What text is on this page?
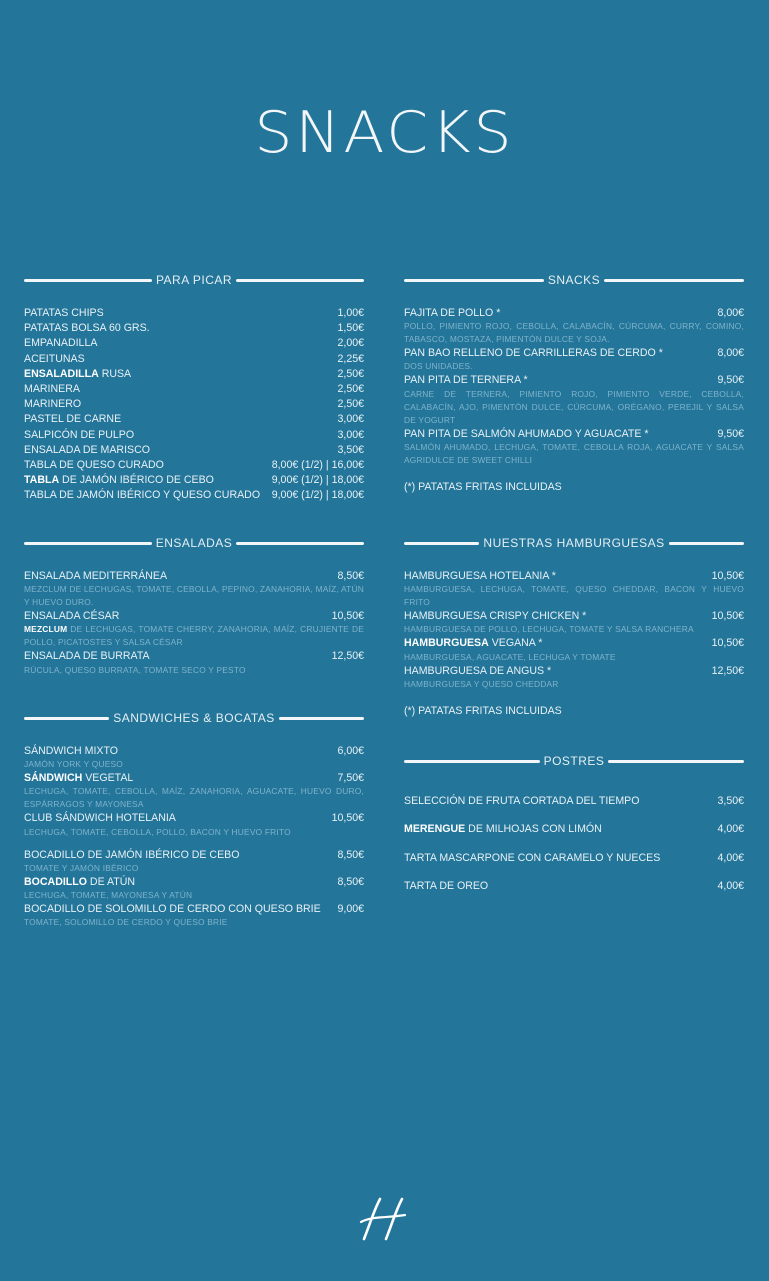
SNACKS
PARA PICAR
PATATAS CHIPS	1,00€
PATATAS BOLSA 60 GRS.	1,50€
EMPANADILLA	2,00€
ACEITUNAS	2,25€
ENSALADILLA RUSA	2,50€
MARINERA	2,50€
MARINERO	2,50€
PASTEL DE CARNE	3,00€
SALPICÓN DE PULPO	3,00€
ENSALADA DE MARISCO	3,50€
TABLA DE QUESO CURADO	8,00€ (1/2) | 16,00€
TABLA DE JAMÓN IBÉRICO DE CEBO	9,00€ (1/2) | 18,00€
TABLA DE JAMÓN IBÉRICO Y QUESO CURADO 9,00€ (1/2) | 18,00€
ENSALADAS
ENSALADA MEDITERRÁNEA	8,50€
MEZCLUM DE LECHUGAS, TOMATE, CEBOLLA, PEPINO, ZANAHORIA, MAÍZ, ATÚN Y HUEVO DURO.
ENSALADA CÉSAR	10,50€
MEZCLUM DE LECHUGAS, TOMATE CHERRY, ZANAHORIA, MAÍZ, CRUJIENTE DE POLLO, PICATOSTES Y SALSA CÉSAR
ENSALADA DE BURRATA	12,50€
RÚCULA, QUESO BURRATA, TOMATE SECO Y PESTO
SANDWICHES & BOCATAS
SÁNDWICH MIXTO	6,00€
JAMÓN YORK Y QUESO
SÁNDWICH VEGETAL	7,50€
LECHUGA, TOMATE, CEBOLLA, MAÍZ, ZANAHORIA, AGUACATE, HUEVO DURO, ESPÁRRAGOS Y MAYONESA
CLUB SÁNDWICH HOTELANIA	10,50€
LECHUGA, TOMATE, CEBOLLA, POLLO, BACON Y HUEVO FRITO
BOCADILLO DE JAMÓN IBÉRICO DE CEBO	8,50€
TOMATE Y JAMÓN IBÉRICO
BOCADILLO DE ATÚN	8,50€
LECHUGA, TOMATE, MAYONESA Y ATÚN
BOCADILLO DE SOLOMILLO DE CERDO CON QUESO BRIE 9,00€
TOMATE, SOLOMILLO DE CERDO Y QUESO BRIE
SNACKS
FAJITA DE POLLO *	8,00€
POLLO, PIMIENTO ROJO, CEBOLLA, CALABACÍN, CÚRCUMA, CURRY, COMINO, TABASCO, MOSTAZA, PIMENTÓN DULCE Y SOJA.
PAN BAO RELLENO DE CARRILLERAS DE CERDO *	8,00€
DOS UNIDADES.
PAN PITA DE TERNERA *	9,50€
CARNE DE TERNERA, PIMIENTO ROJO, PIMIENTO VERDE, CEBOLLA, CALABACÍN, AJO, PIMENTÓN DULCE, CÚRCUMA, ORÉGANO, PEREJIL Y SALSA DE YOGURT
PAN PITA DE SALMÓN AHUMADO Y AGUACATE *	9,50€
SALMÓN AHUMADO, LECHUGA, TOMATE, CEBOLLA ROJA, AGUACATE Y SALSA AGRIDULCE DE SWEET CHILLI
(*) PATATAS FRITAS INCLUIDAS
NUESTRAS HAMBURGUESAS
HAMBURGUESA HOTELANIA *	10,50€
HAMBURGUESA, LECHUGA, TOMATE, QUESO CHEDDAR, BACON Y HUEVO FRITO
HAMBURGUESA CRISPY CHICKEN *	10,50€
HAMBURGUESA DE POLLO, LECHUGA, TOMATE Y SALSA RANCHERA
HAMBURGUESA VEGANA *	10,50€
HAMBURGUESA, AGUACATE, LECHUGA Y TOMATE
HAMBURGUESA DE ANGUS *	12,50€
HAMBURGUESA Y QUESO CHEDDAR
(*) PATATAS FRITAS INCLUIDAS
POSTRES
SELECCIÓN DE FRUTA CORTADA DEL TIEMPO	3,50€
MERENGUE DE MILHOJAS CON LIMÓN	4,00€
TARTA MASCARPONE CON CARAMELO Y NUECES	4,00€
TARTA DE OREO	4,00€
